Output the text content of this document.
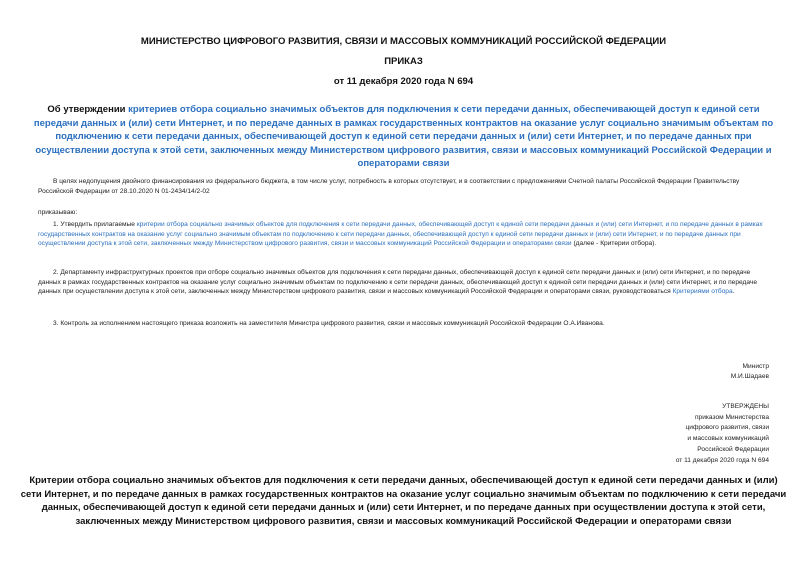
МИНИСТЕРСТВО ЦИФРОВОГО РАЗВИТИЯ, СВЯЗИ И МАССОВЫХ КОММУНИКАЦИЙ РОССИЙСКОЙ ФЕДЕРАЦИИ
ПРИКАЗ
от 11 декабря 2020 года N 694
Об утверждении критериев отбора социально значимых объектов для подключения к сети передачи данных, обеспечивающей доступ к единой сети передачи данных и (или) сети Интернет, и по передаче данных в рамках государственных контрактов на оказание услуг социально значимым объектам по подключению к сети передачи данных, обеспечивающей доступ к единой сети передачи данных и (или) сети Интернет, и по передаче данных при осуществлении доступа к этой сети, заключенных между Министерством цифрового развития, связи и массовых коммуникаций Российской Федерации и операторами связи
В целях недопущения двойного финансирования из федерального бюджета, в том числе услуг, потребность в которых отсутствует, и в соответствии с предложениями Счетной палаты Российской Федерации Правительству Российской Федерации от 28.10.2020 N 01-2434/14/2-02
приказываю:
1. Утвердить прилагаемые критерии отбора социально значимых объектов для подключения к сети передачи данных, обеспечивающей доступ к единой сети передачи данных и (или) сети Интернет, и по передаче данных в рамках государственных контрактов на оказание услуг социально значимым объектам по подключению к сети передачи данных, обеспечивающей доступ к единой сети передачи данных и (или) сети Интернет, и по передаче данных при осуществлении доступа к этой сети, заключенных между Министерством цифрового развития, связи и массовых коммуникаций Российской Федерации и операторами связи (далее - Критерии отбора).
2. Департаменту инфраструктурных проектов при отборе социально значимых объектов для подключения к сети передачи данных, обеспечивающей доступ к единой сети передачи данных и (или) сети Интернет, и по передаче данных в рамках государственных контрактов на оказание услуг социально значимым объектам по подключению к сети передачи данных, обеспечивающей доступ к единой сети передачи данных и (или) сети Интернет, и по передаче данных при осуществлении доступа к этой сети, заключенных между Министерством цифрового развития, связи и массовых коммуникаций Российской Федерации и операторами связи, руководствоваться Критериями отбора.
3. Контроль за исполнением настоящего приказа возложить на заместителя Министра цифрового развития, связи и массовых коммуникаций Российской Федерации О.А.Иванова.
Министр
М.И.Шадаев
УТВЕРЖДЕНЫ
приказом Министерства
цифрового развития, связи
и массовых коммуникаций
Российской Федерации
от 11 декабря 2020 года N 694
Критерии отбора социально значимых объектов для подключения к сети передачи данных, обеспечивающей доступ к единой сети передачи данных и (или) сети Интернет, и по передаче данных в рамках государственных контрактов на оказание услуг социально значимым объектам по подключению к сети передачи данных, обеспечивающей доступ к единой сети передачи данных и (или) сети Интернет, и по передаче данных при осуществлении доступа к этой сети, заключенных между Министерством цифрового развития, связи и массовых коммуникаций Российской Федерации и операторами связи
